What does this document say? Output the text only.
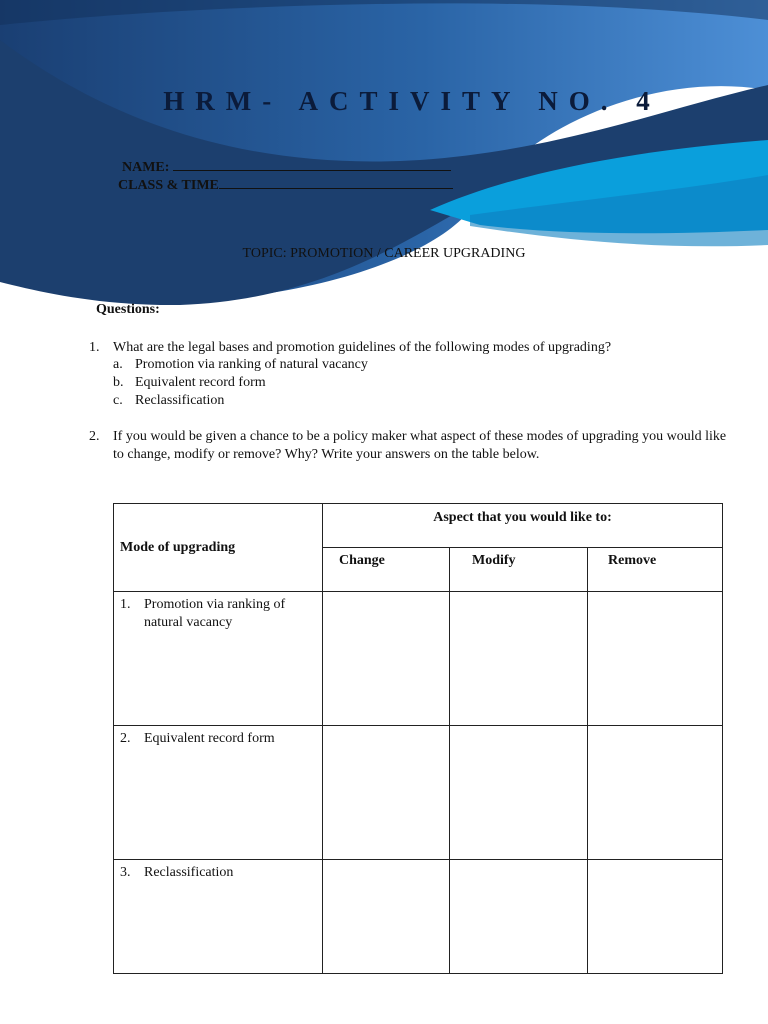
HRM- ACTIVITY NO. 4
NAME:
CLASS & TIME
TOPIC: PROMOTION / CAREER UPGRADING
Questions:
1. What are the legal bases and promotion guidelines of the following modes of upgrading?
a. Promotion via ranking of natural vacancy
b. Equivalent record form
c. Reclassification
2. If you would be given a chance to be a policy maker what aspect of these modes of upgrading you would like to change, modify or remove? Why? Write your answers on the table below.
Mode of upgrading	Aspect that you would like to:		

	Change	Modify	Remove

1. Promotion via ranking of natural vacancy			

2. Equivalent record form			

3. Reclassification			
